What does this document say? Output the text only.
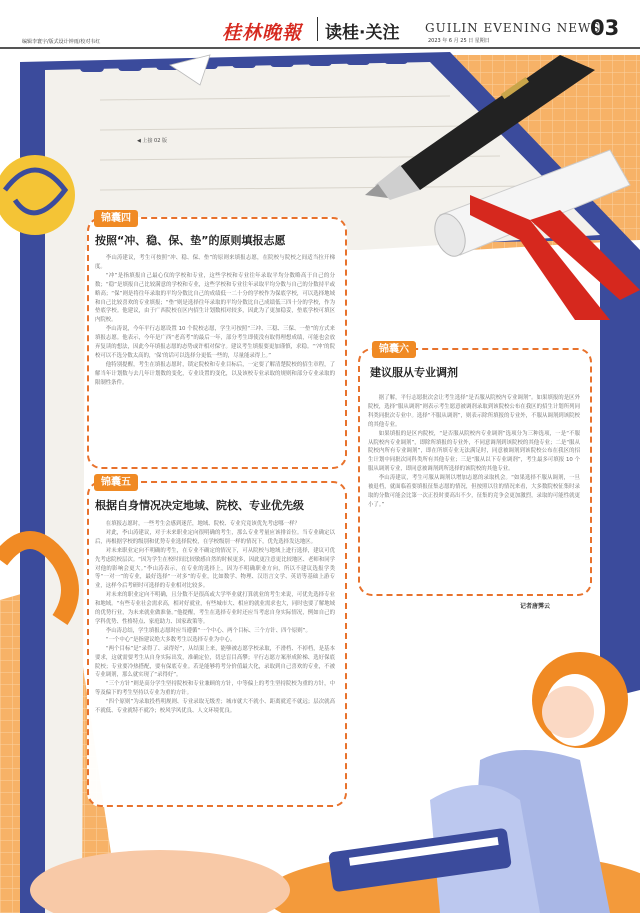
编辑李寰宇/版式设计钟雨/校对韦红	桂林晚報 读桂·关注 GUILIN EVENING NEWS
2023 年 6 月 25 日 星期日
03
◀ 上接 02 版
锦囊四
按照“冲、稳、保、垫”的原则填报志愿

李山涛建议，考生可按照“冲、稳、保、垫”的原则来填报志愿，在院校与院校之间适当拉开梯度。

“冲”是指填报自己最心仪的学校和专业，这些学校和专业往年录取平均分数略高于自己的分数；“稳”是填报自己比较满意的学校和专业，这些学校和专业往年录取平均分数与自己的分数持平或略高；“保”则是将往年录取的平均分数比自己的成绩低一二十分的学校作为保底学校，可以选择地域和自己比较喜欢的专业填报；“垫”则是选择往年录取的平均分数比自己成绩低三四十分的学校，作为垫底学校。他建议，由于广西院校在区内招生计划数相对较多，因此为了更加稳妥，垫底学校可填区内院校。

李山涛说，今年平行志愿设置 10 个院校志愿，学生可按照“三冲、三稳、三保、一垫”的方式来填报志愿。他表示，今年是广西“老高考”的最后一年，部分考生即使没有取得理想成绩，可能也会放弃复读的想法，因此今年填报志愿的态势或许相对保守。建议考生填报要更加谨慎，求稳。“‘冲’的院校可以不选分数太高的，‘保’的话可以选择分更低一些的，尽量能录得上。”

他特别提醒，考生在填报志愿时，锁定院校和专业目标后，一定要了解清楚院校的招生章程，了解当年计划数与去几年计划数的变化，专业设置的变化，以及该校专业录取的规则和部分专业录取的限制性条件。

锦囊五
根据自身情况决定地域、院校、专业优先级

在填报志愿时，一些考生会感到迷茫，地域、院校、专业究竟该优先考虑哪一样？

对此，李山涛建议，对于未来职业定向很明确的考生，那么专业考量应该排首位。当专业确定以后，再根据学校的级别和优势专业选择院校，在学校级别一样的情况下，优先选择发达地区。

对未来职业定向不明确的考生，在专业不确定的情况下，可从院校与地域上进行选择，建议可优先考虑院校层次。“因为学生在校时间比较敏感自然的时候更多，因此更注意更比较地区、老师和同学对他的影响会更大。”李山涛表示，在专业的选择上，因为不明确职业方向，所以不建议选报学类等“一对一”的专业，最好选择“一对多”的专业，比如数学、物理、汉语言文学、英语等基础上游专业，这样今后考研时可选择的专业相对比较多。

对未来的职业定向不明确，且分数不是很高或大学毕业就打算就业的考生来说，可优先选择专业和地域。“有些专业社会需求高，相对好就业，有些城市大、相应的就业需求也大，同时也要了解地域的优势行业，为未来就业做准备。”他提醒，考生在选择专业时还应当考虑自身实际情况，例如自己的学科优势、性格特点、家庭助力、国家政策等。

李山涛总结，学生填报志愿时应当遵循“一个中心、两个目标、三个方针、四个原则”。

“一个中心”是指建议绝大多数考生以选择专业为中心。

“两个目标”是“录得了、录得好”，从结果上来，能够被志愿学校录取，不滑档、不掉档，是基本要求，这就需要考生从自身实际出发，准确定位，切忌盲目高攀；平行志愿方案形成阶梯、选好保底院校；专业要冷热搭配，要有保底专业。若是能够将考分价值最大化，录取到自己喜欢的专业，不被专业调剂，那么就实现了“录得好”。

“三个方针”则是高分学生坚持院校和专业兼顾的方针，中等偏上的考生坚持院校为重的方针，中等及偏下的考生坚持以专业为重的方针。

“四个原则”为录取投档明规则、专业录取无级差；城市就大不就小、距离就近不就远；层次就高不就低、专业就特不就冷；校风学风优良、人文环境优良。

锦囊六
建议服从专业调剂

据了解，平行志愿批次会让考生选择“是否服从院校内专业调剂”。如果填报的是区外院校，选择“服从调剂”则表示考生愿意被调剂录取到该院校公布在我区的招生计划所列同科类同批次专业中。选择“不服从调剂”，则表示除所填报的专业外，不服从调剂到该院校的其他专业。

如果填报的是区内院校，“是否服从院校内专业调剂”选项分为三种选项，一是“不服从院校内专业调剂”，即除所填报的专业外，不同意调剂到该院校的其他专业；二是“服从院校内所有专业调剂”，即在所填专业无法满足时，同意被调剂到该院校公布在我区的招生计划中同批次同科类所有其他专业；三是“服从以下专业调剂”，考生最多可填报 10 个服从调剂专业，即同意被调剂到所选择的该院校的其他专业。

李山涛建议，考生可服从调剂以增加志愿的录取机会。“如果选择不服从调剂，一旦被退档，就面临着要填报征集志愿的情况，但按照以往的情况来看，大多数院校征集时录取的分数可能会比第一次正投时要高出不少，征集的竞争会更加激烈，录取的可能性就更小了。”

记者唐霁云
